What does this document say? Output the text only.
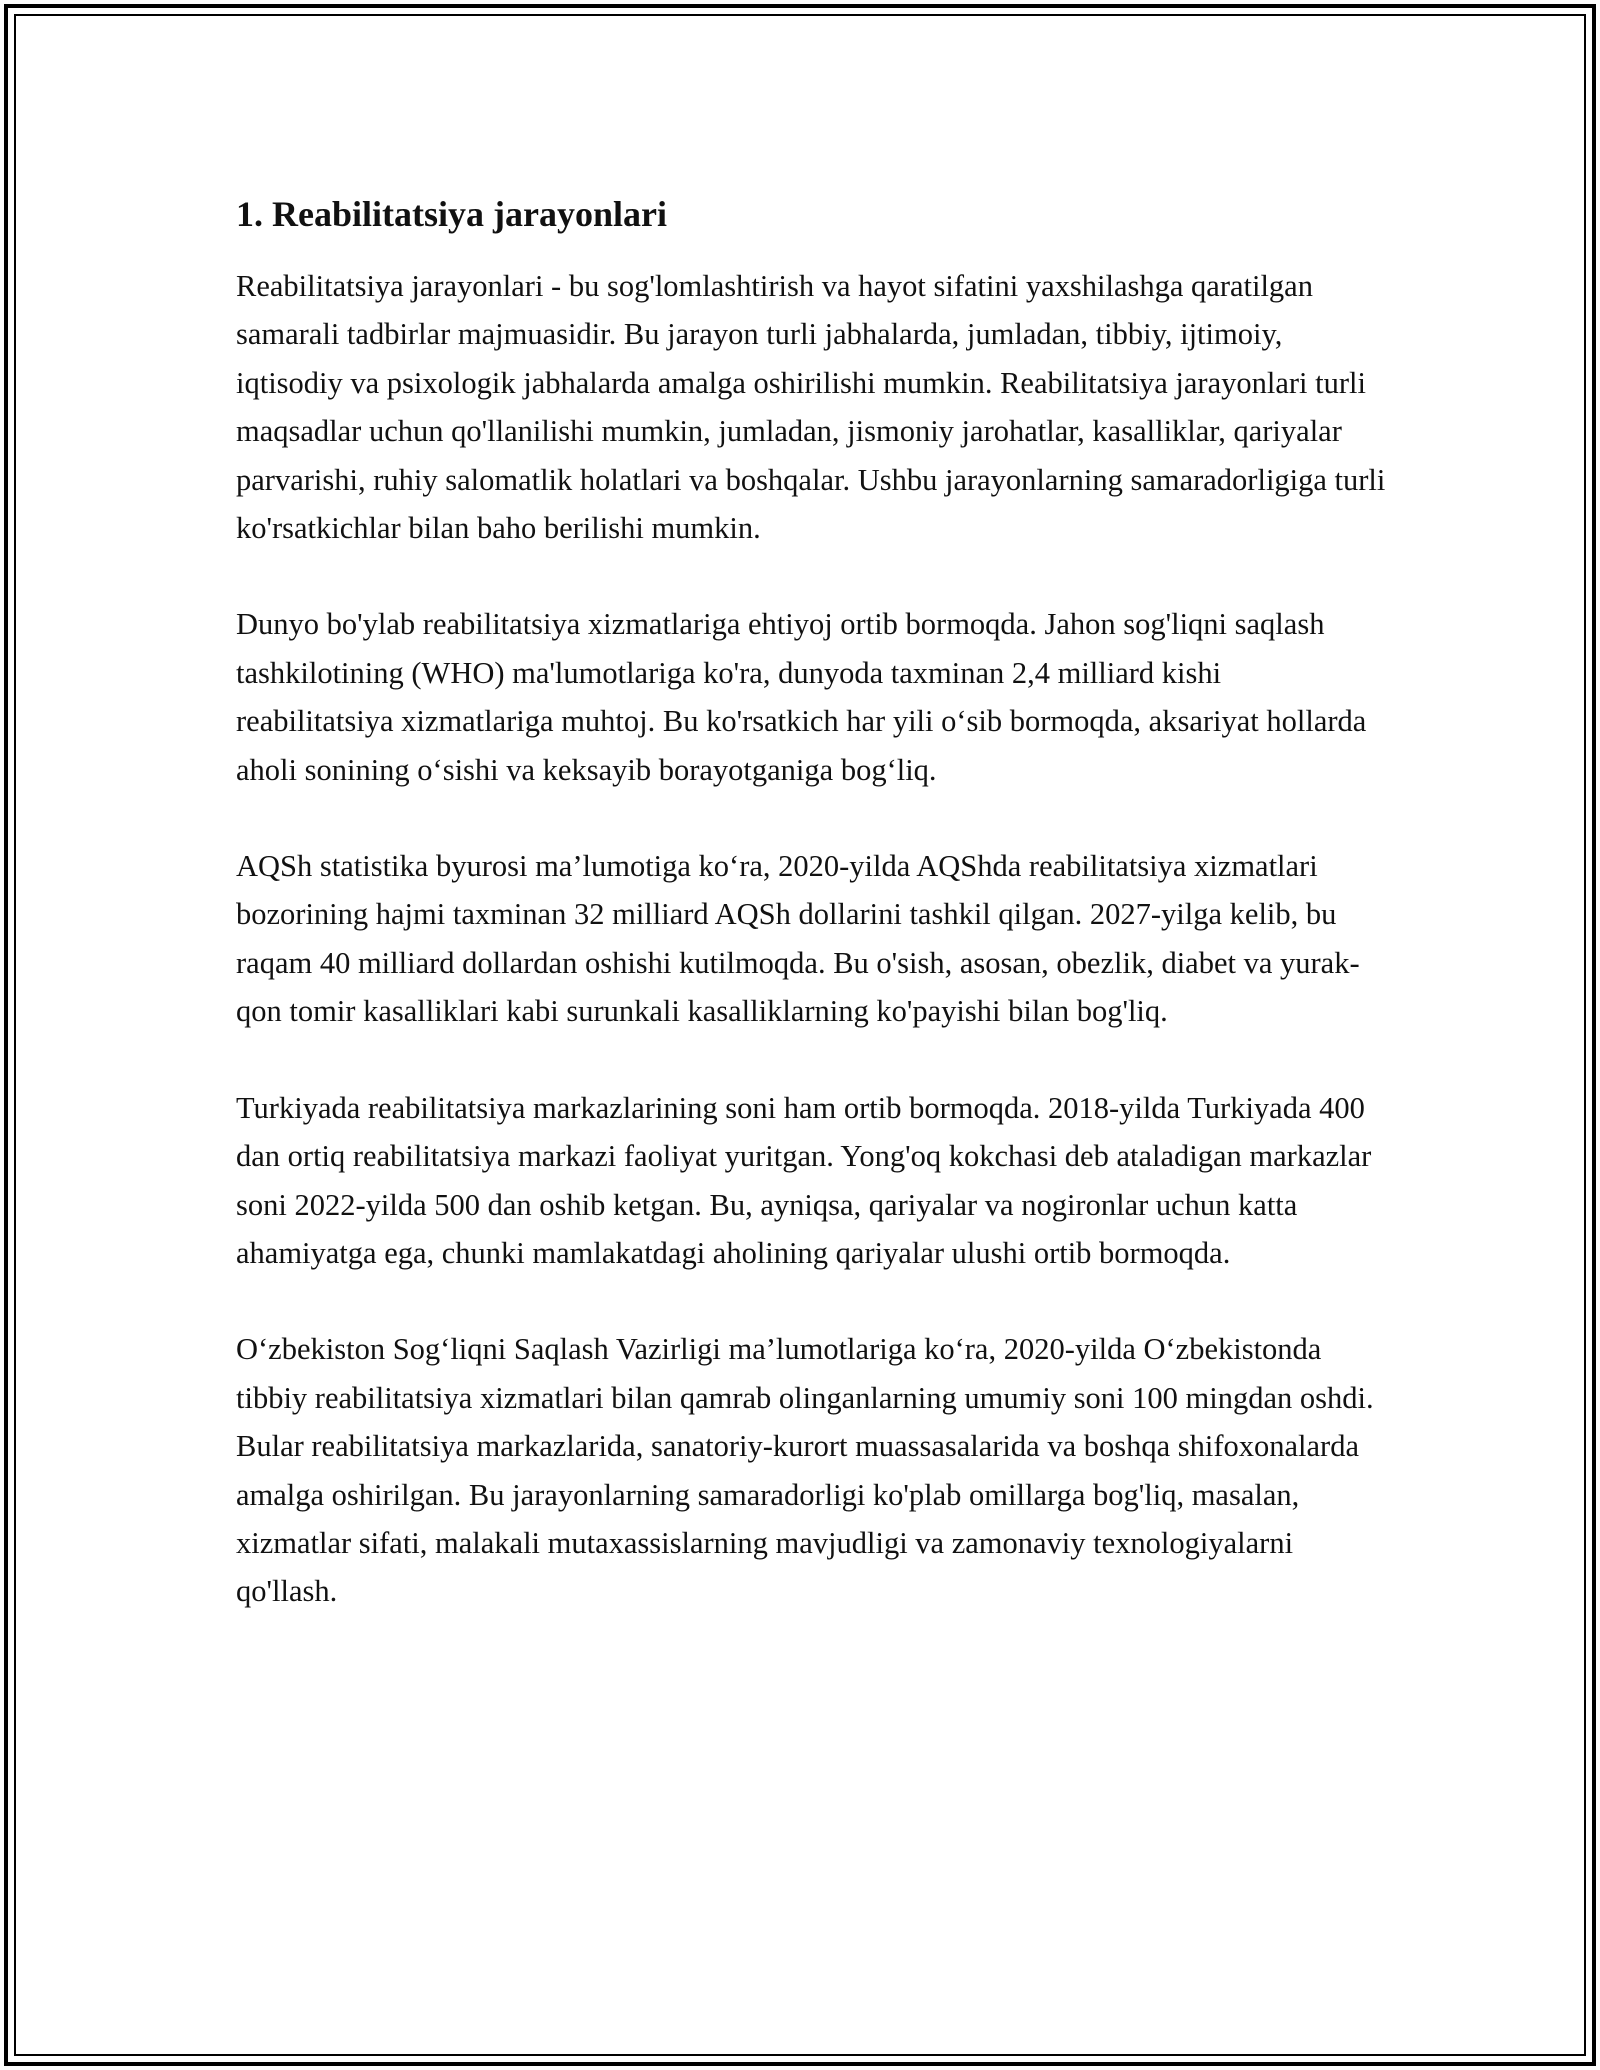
1. Reabilitatsiya jarayonlari

Reabilitatsiya jarayonlari - bu sog'lomlashtirish va hayot sifatini yaxshilashga qaratilgan samarali tadbirlar majmuasidir. Bu jarayon turli jabhalarda, jumladan, tibbiy, ijtimoiy, iqtisodiy va psixologik jabhalarda amalga oshirilishi mumkin. Reabilitatsiya jarayonlari turli maqsadlar uchun qo'llanilishi mumkin, jumladan, jismoniy jarohatlar, kasalliklar, qariyalar parvarishi, ruhiy salomatlik holatlari va boshqalar. Ushbu jarayonlarning samaradorligiga turli ko'rsatkichlar bilan baho berilishi mumkin.

Dunyo bo'ylab reabilitatsiya xizmatlariga ehtiyoj ortib bormoqda. Jahon sog'liqni saqlash tashkilotining (WHO) ma'lumotlariga ko'ra, dunyoda taxminan 2,4 milliard kishi reabilitatsiya xizmatlariga muhtoj. Bu ko'rsatkich har yili o‘sib bormoqda, aksariyat hollarda aholi sonining o‘sishi va keksayib borayotganiga bog‘liq.

AQSh statistika byurosi ma’lumotiga ko‘ra, 2020-yilda AQShda reabilitatsiya xizmatlari bozorining hajmi taxminan 32 milliard AQSh dollarini tashkil qilgan. 2027-yilga kelib, bu raqam 40 milliard dollardan oshishi kutilmoqda. Bu o'sish, asosan, obezlik, diabet va yurak-qon tomir kasalliklari kabi surunkali kasalliklarning ko'payishi bilan bog'liq.

Turkiyada reabilitatsiya markazlarining soni ham ortib bormoqda. 2018-yilda Turkiyada 400 dan ortiq reabilitatsiya markazi faoliyat yuritgan. Yong'oq kokchasi deb ataladigan markazlar soni 2022-yilda 500 dan oshib ketgan. Bu, ayniqsa, qariyalar va nogironlar uchun katta ahamiyatga ega, chunki mamlakatdagi aholining qariyalar ulushi ortib bormoqda.

O‘zbekiston Sog‘liqni Saqlash Vazirligi ma’lumotlariga ko‘ra, 2020-yilda O‘zbekistonda tibbiy reabilitatsiya xizmatlari bilan qamrab olinganlarning umumiy soni 100 mingdan oshdi. Bular reabilitatsiya markazlarida, sanatoriy-kurort muassasalarida va boshqa shifoxonalarda amalga oshirilgan. Bu jarayonlarning samaradorligi ko'plab omillarga bog'liq, masalan, xizmatlar sifati, malakali mutaxassislarning mavjudligi va zamonaviy texnologiyalarni qo'llash.
